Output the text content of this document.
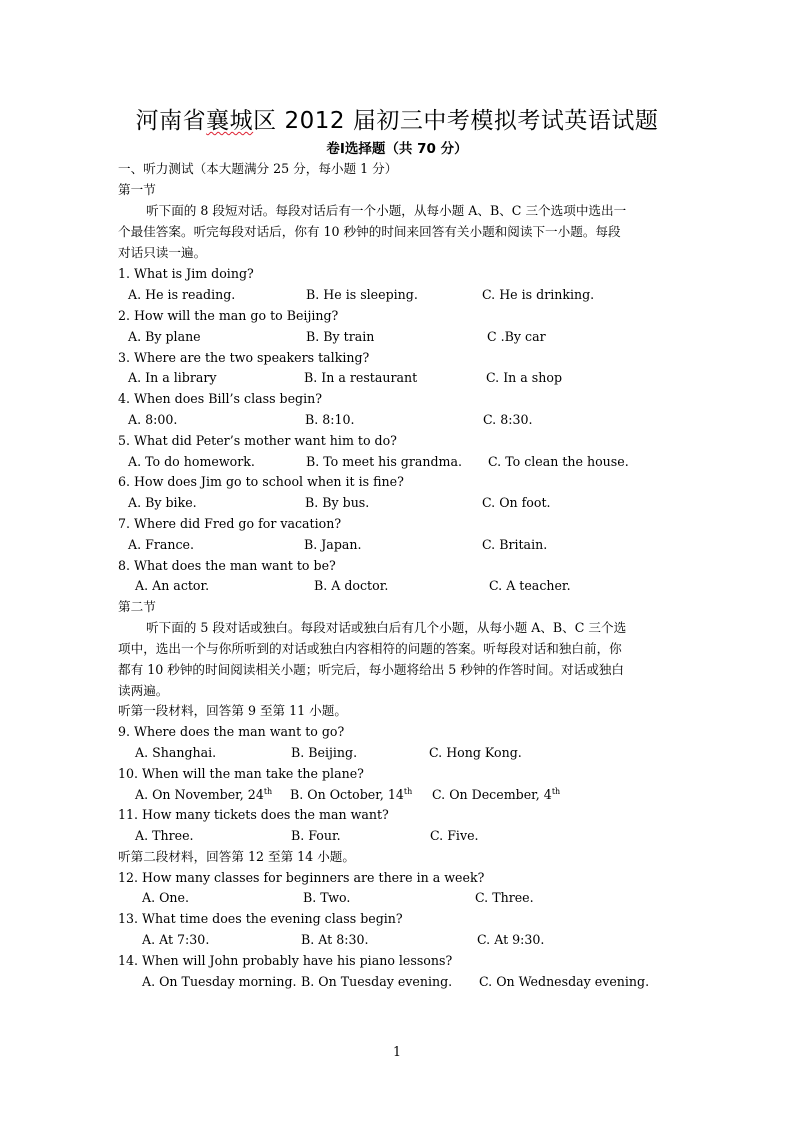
河南省襄城区 2012 届初三中考模拟考试英语试题
卷Ⅰ选择题（共 70 分）
一、听力测试（本大题满分 25 分，每小题 1 分）
第一节
听下面的 8 段短对话。每段对话后有一个小题，从每小题 A、B、C 三个选项中选出一
个最佳答案。听完每段对话后，你有 10 秒钟的时间来回答有关小题和阅读下一小题。每段
对话只读一遍。
1. What is Jim doing?
A. He is reading.	B. He is sleeping.	C. He is drinking.
2. How will the man go to Beijing?
A. By plane	B. By train	C .By car
3. Where are the two speakers talking?
A. In a library	B. In a restaurant	C. In a shop
4. When does Bill’s class begin?
A. 8:00.	B. 8:10.	C. 8:30.
5. What did Peter’s mother want him to do?
A. To do homework.	B. To meet his grandma. C. To clean the house.
6. How does Jim go to school when it is fine?
A. By bike.	B. By bus.	C. On foot.
7. Where did Fred go for vacation?
A. France.	B. Japan.	C. Britain.
8. What does the man want to be?
A. An actor.	B. A doctor.	C. A teacher.
第二节
听下面的 5 段对话或独白。每段对话或独白后有几个小题，从每小题 A、B、C 三个选
项中，选出一个与你所听到的对话或独白内容相符的问题的答案。听每段对话和独白前，你
都有 10 秒钟的时间阅读相关小题；听完后，每小题将给出 5 秒钟的作答时间。对话或独白
读两遍。
听第一段材料，回答第 9 至第 11 小题。
9. Where does the man want to go?
A. Shanghai.	B. Beijing.	C. Hong Kong.
10. When will the man take the plane?
A. On November, 24th B. On October, 14th C. On December, 4th
11. How many tickets does the man want?
A. Three.	B. Four.	C. Five.
听第二段材料，回答第 12 至第 14 小题。
12. How many classes for beginners are there in a week?
A. One.	B. Two.	C. Three.
13. What time does the evening class begin?
A. At 7:30.	B. At 8:30.	C. At 9:30.
14. When will John probably have his piano lessons?
A. On Tuesday morning. B. On Tuesday evening. C. On Wednesday evening.
1
